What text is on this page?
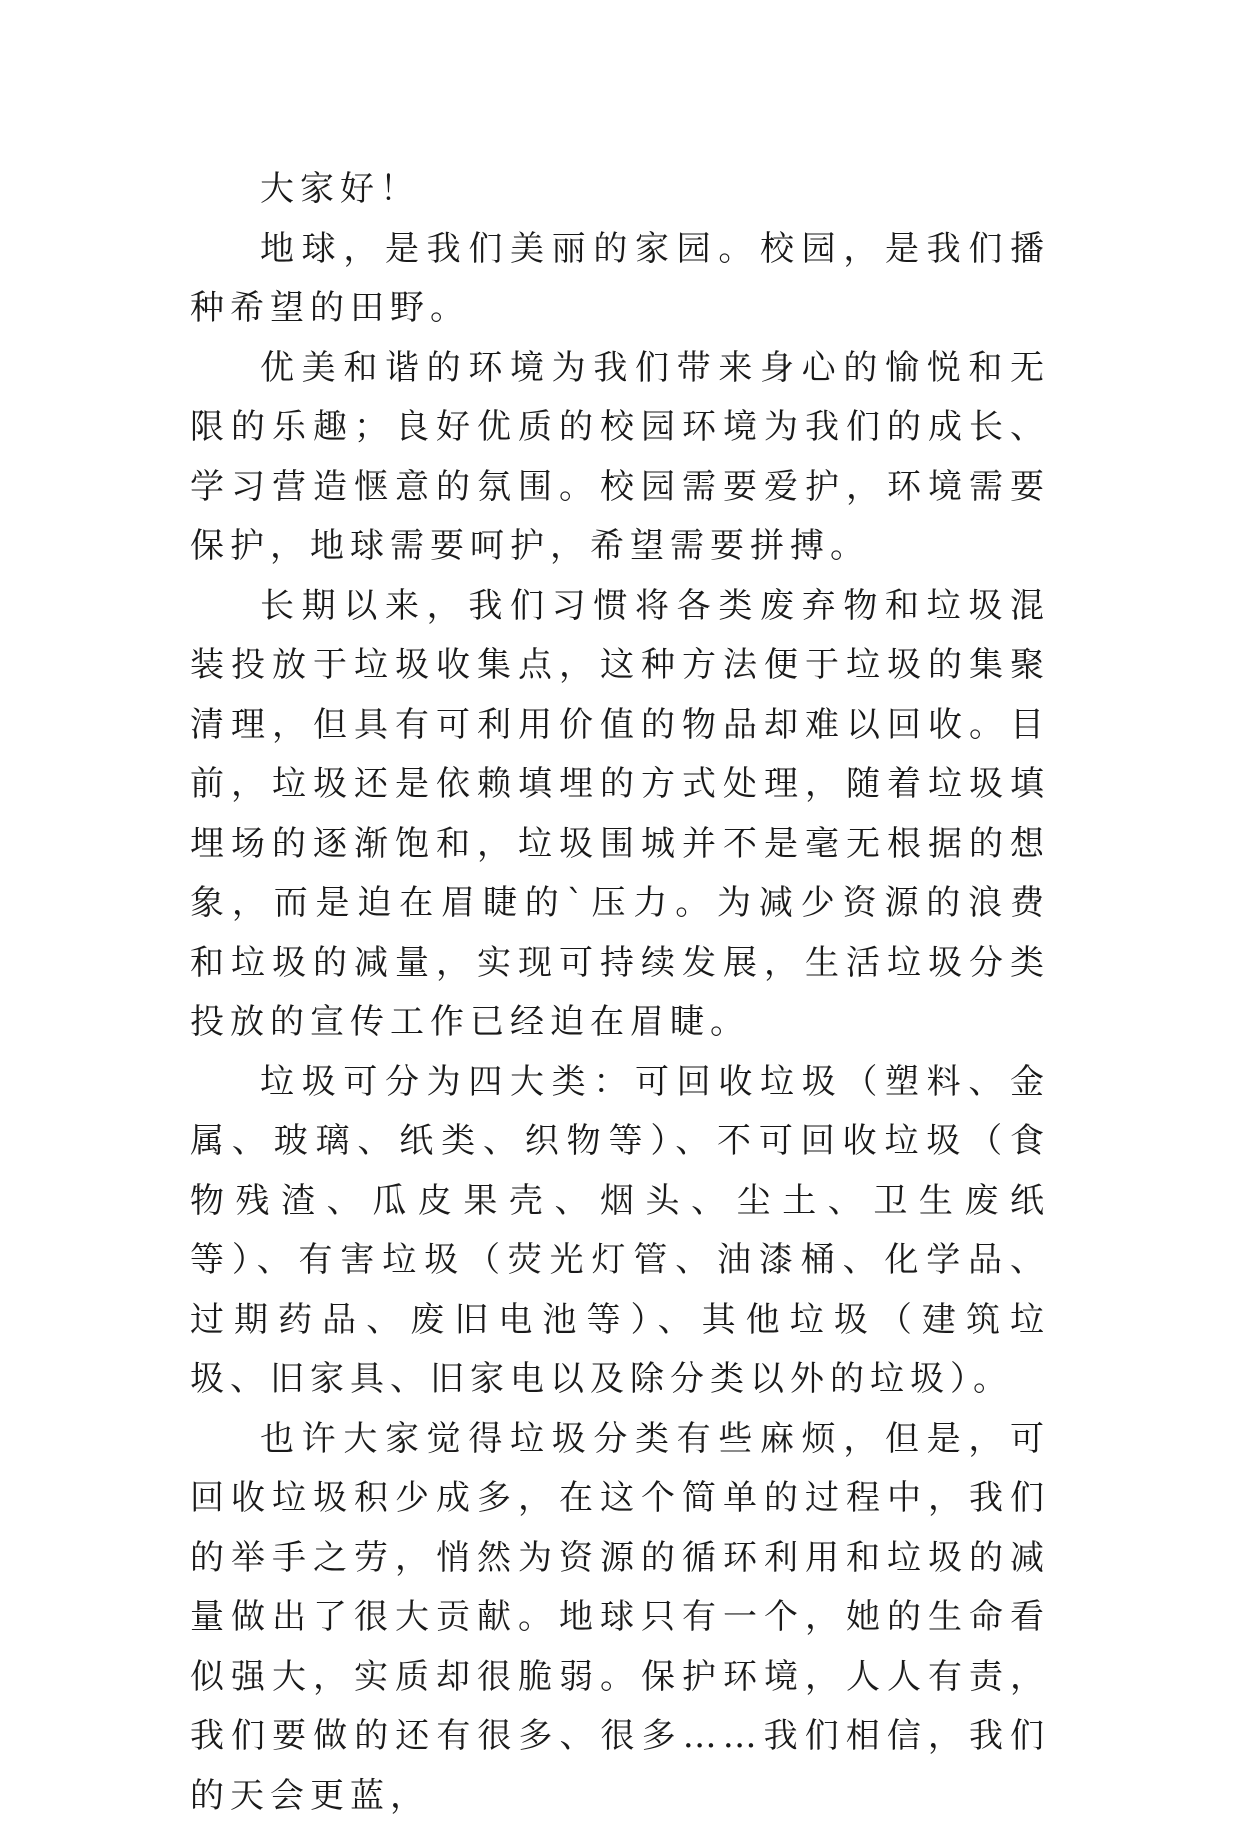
大家好！

地球，是我们美丽的家园。校园，是我们播种希望的田野。

优美和谐的环境为我们带来身心的愉悦和无限的乐趣；良好优质的校园环境为我们的成长、学习营造惬意的氛围。校园需要爱护，环境需要保护，地球需要呵护，希望需要拼搏。

长期以来，我们习惯将各类废弃物和垃圾混装投放于垃圾收集点，这种方法便于垃圾的集聚清理，但具有可利用价值的物品却难以回收。目前，垃圾还是依赖填埋的方式处理，随着垃圾填埋场的逐渐饱和，垃圾围城并不是毫无根据的想象，而是迫在眉睫的`压力。为减少资源的浪费和垃圾的减量，实现可持续发展，生活垃圾分类投放的宣传工作已经迫在眉睫。

垃圾可分为四大类：可回收垃圾（塑料、金属、玻璃、纸类、织物等）、不可回收垃圾（食物残渣、瓜皮果壳、烟头、尘土、卫生废纸等）、有害垃圾（荧光灯管、油漆桶、化学品、过期药品、废旧电池等）、其他垃圾（建筑垃圾、旧家具、旧家电以及除分类以外的垃圾）。

也许大家觉得垃圾分类有些麻烦，但是，可回收垃圾积少成多，在这个简单的过程中，我们的举手之劳，悄然为资源的循环利用和垃圾的减量做出了很大贡献。地球只有一个，她的生命看似强大，实质却很脆弱。保护环境，人人有责，我们要做的还有很多、很多……我们相信，我们的天会更蓝，
